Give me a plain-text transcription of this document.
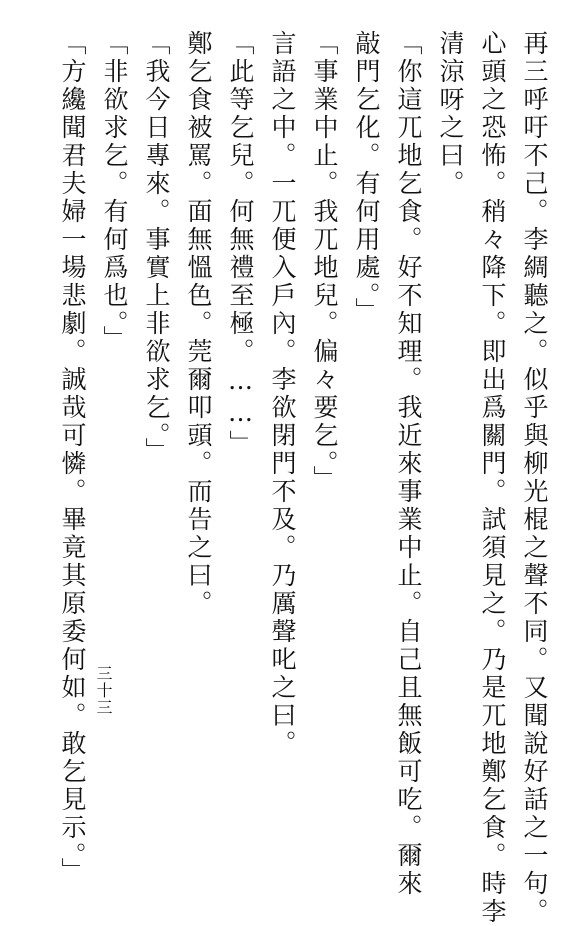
再三呼吁不己。李綢聽之。似乎與柳光棍之聲不同。又聞說好話之一句。
心頭之恐怖。稍々降下。即出爲關門。試須見之。乃是兀地鄭乞食。時李
清涼呀之曰。
「你這兀地乞食。好不知理。我近來事業中止。自己且無飯可吃。爾來
敲門乞化。有何用處。」
「事業中止。我兀地兒。偏々要乞。」
言語之中。一兀便入戶內。李欲閉門不及。乃厲聲叱之曰。
「此等乞兒。何無禮至極。……」
鄭乞食被罵。面無慍色。莞爾叩頭。而告之曰。
「我今日專來。事實上非欲求乞。」
「非欲求乞。有何爲也。」
「方纔聞君夫婦一場悲劇。誠哉可憐。畢竟其原委何如。敢乞見示。」 三十三
